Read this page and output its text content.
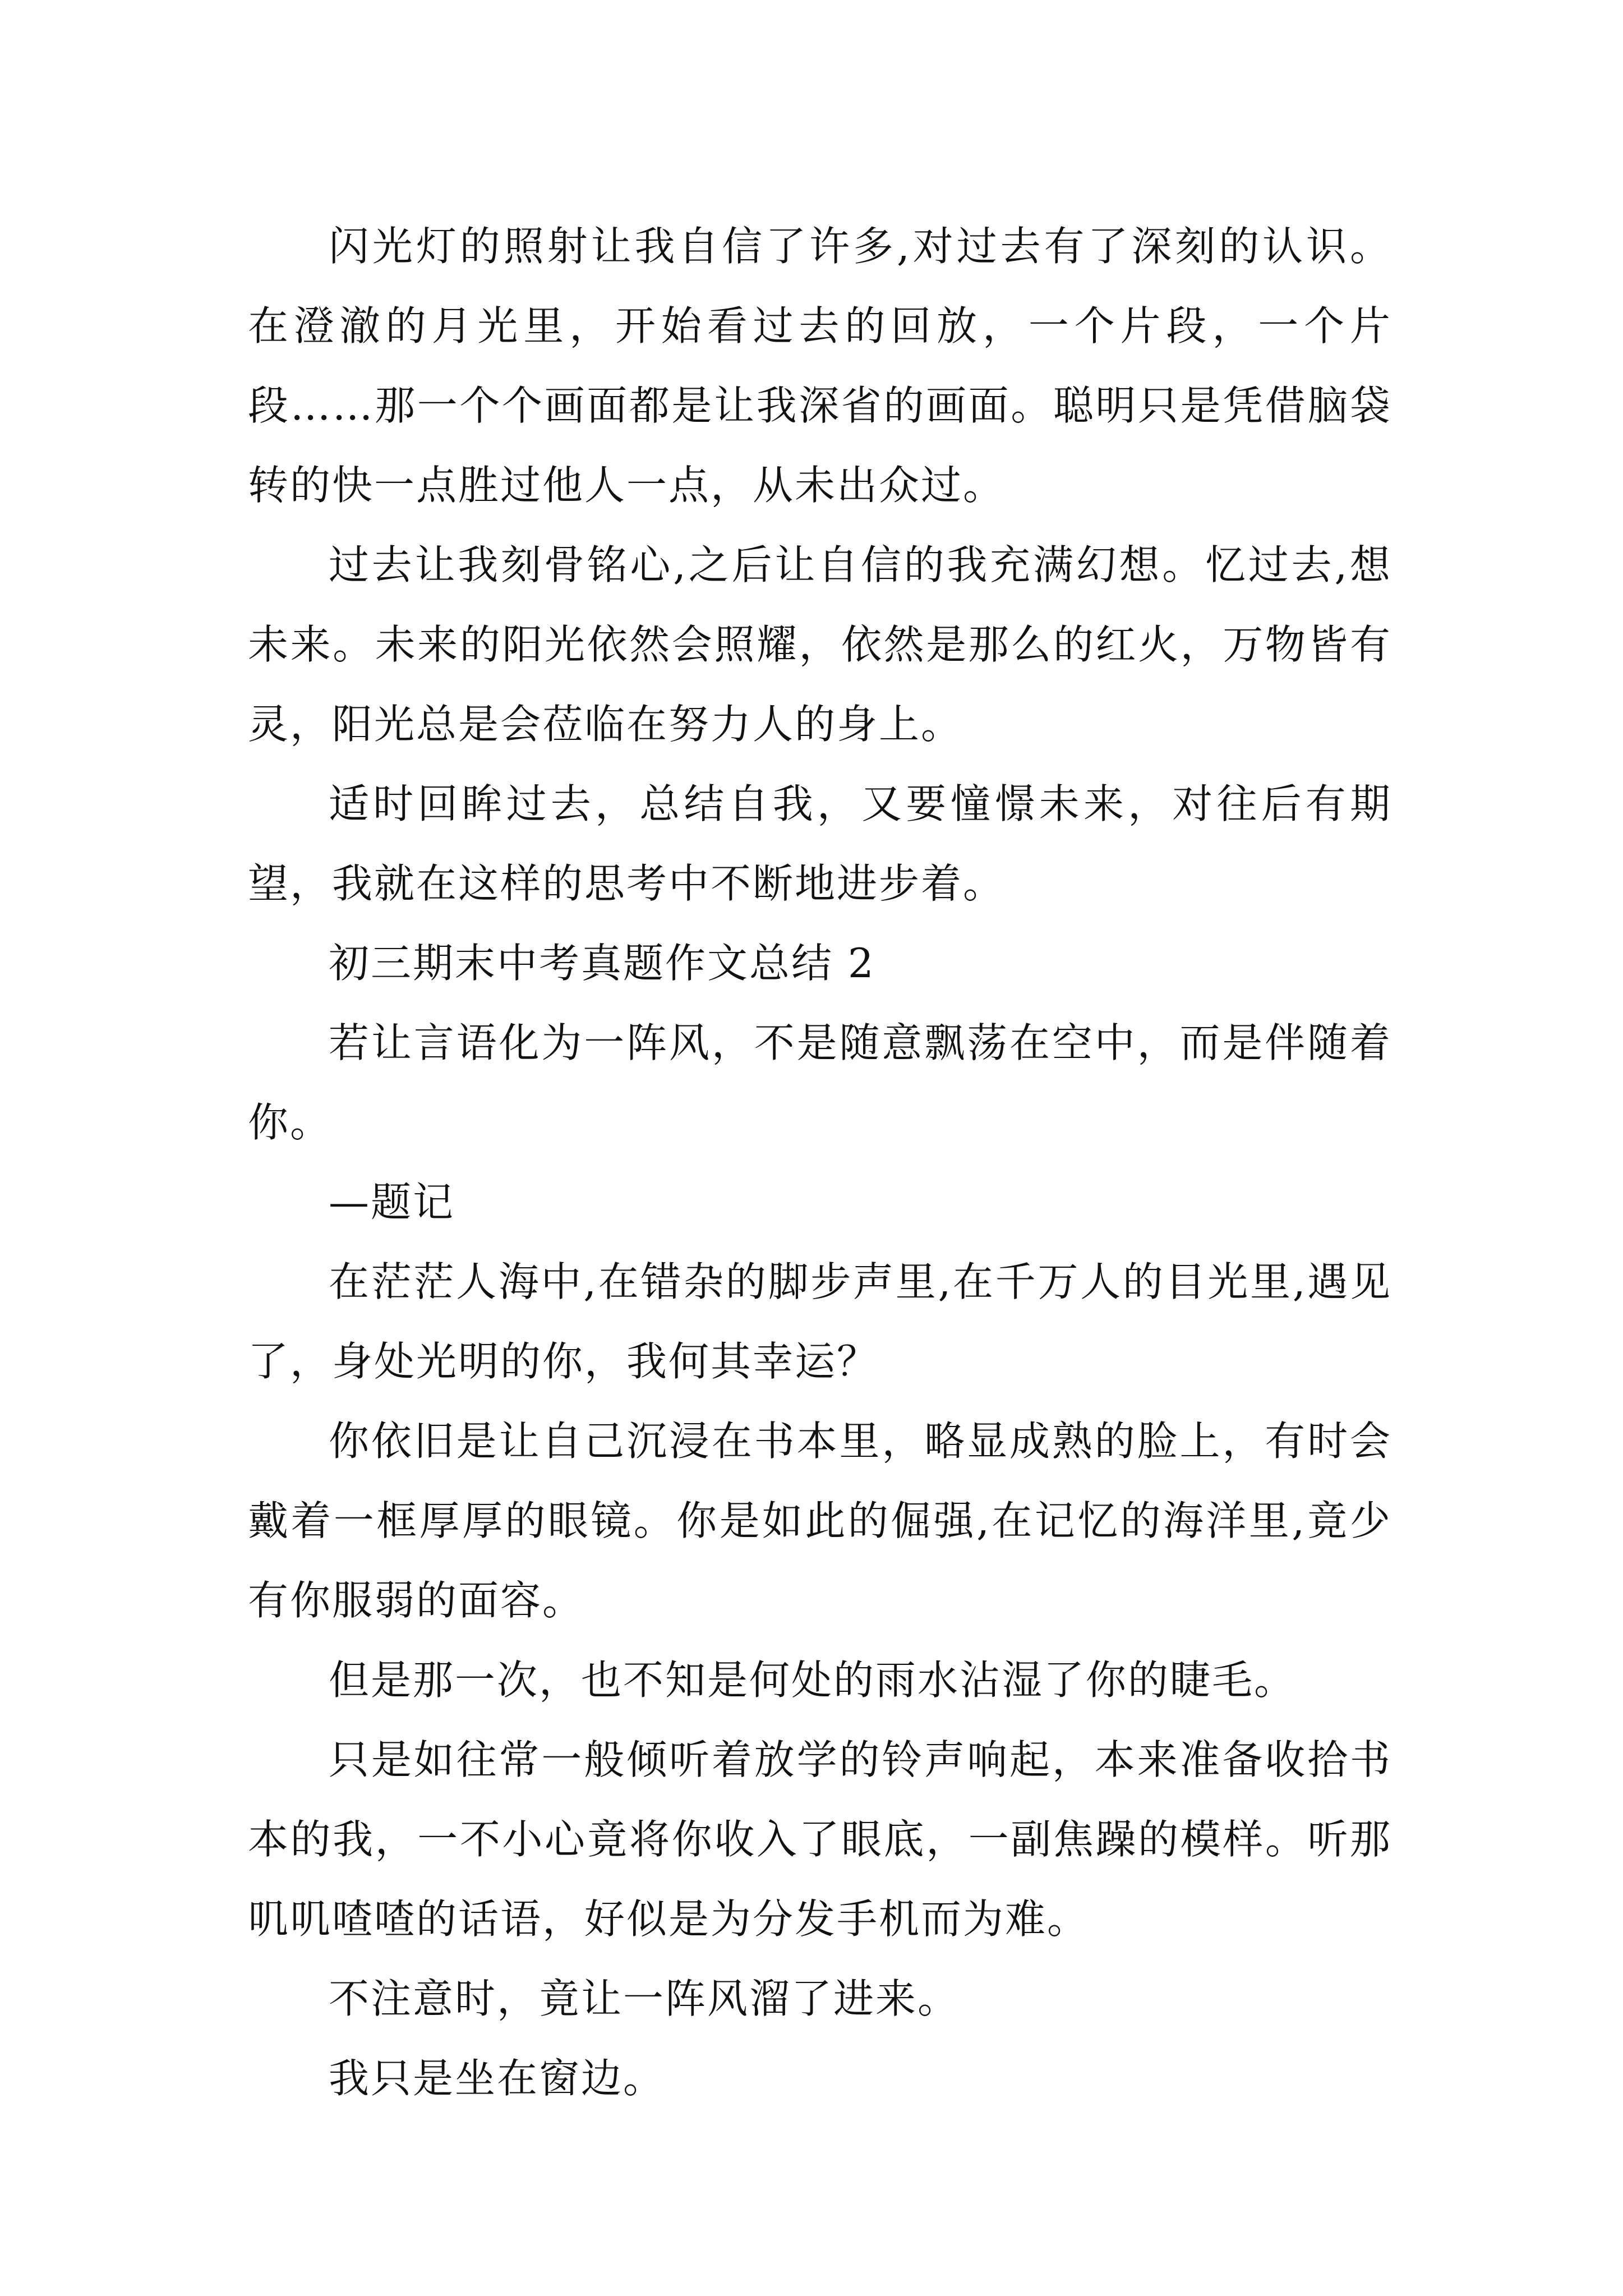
闪光灯的照射让我自信了许多,对过去有了深刻的认识。在澄澈的月光里，开始看过去的回放，一个片段，一个片段……那一个个画面都是让我深省的画面。聪明只是凭借脑袋转的快一点胜过他人一点，从未出众过。

过去让我刻骨铭心,之后让自信的我充满幻想。忆过去,想未来。未来的阳光依然会照耀，依然是那么的红火，万物皆有灵，阳光总是会莅临在努力人的身上。

适时回眸过去，总结自我，又要憧憬未来，对往后有期望，我就在这样的思考中不断地进步着。

初三期末中考真题作文总结 2

若让言语化为一阵风，不是随意飘荡在空中，而是伴随着你。

—题记

在茫茫人海中,在错杂的脚步声里,在千万人的目光里,遇见了，身处光明的你，我何其幸运？

你依旧是让自己沉浸在书本里，略显成熟的脸上，有时会戴着一框厚厚的眼镜。你是如此的倔强,在记忆的海洋里,竟少有你服弱的面容。

但是那一次，也不知是何处的雨水沾湿了你的睫毛。

只是如往常一般倾听着放学的铃声响起，本来准备收拾书本的我，一不小心竟将你收入了眼底，一副焦躁的模样。听那叽叽喳喳的话语，好似是为分发手机而为难。

不注意时，竟让一阵风溜了进来。

我只是坐在窗边。
